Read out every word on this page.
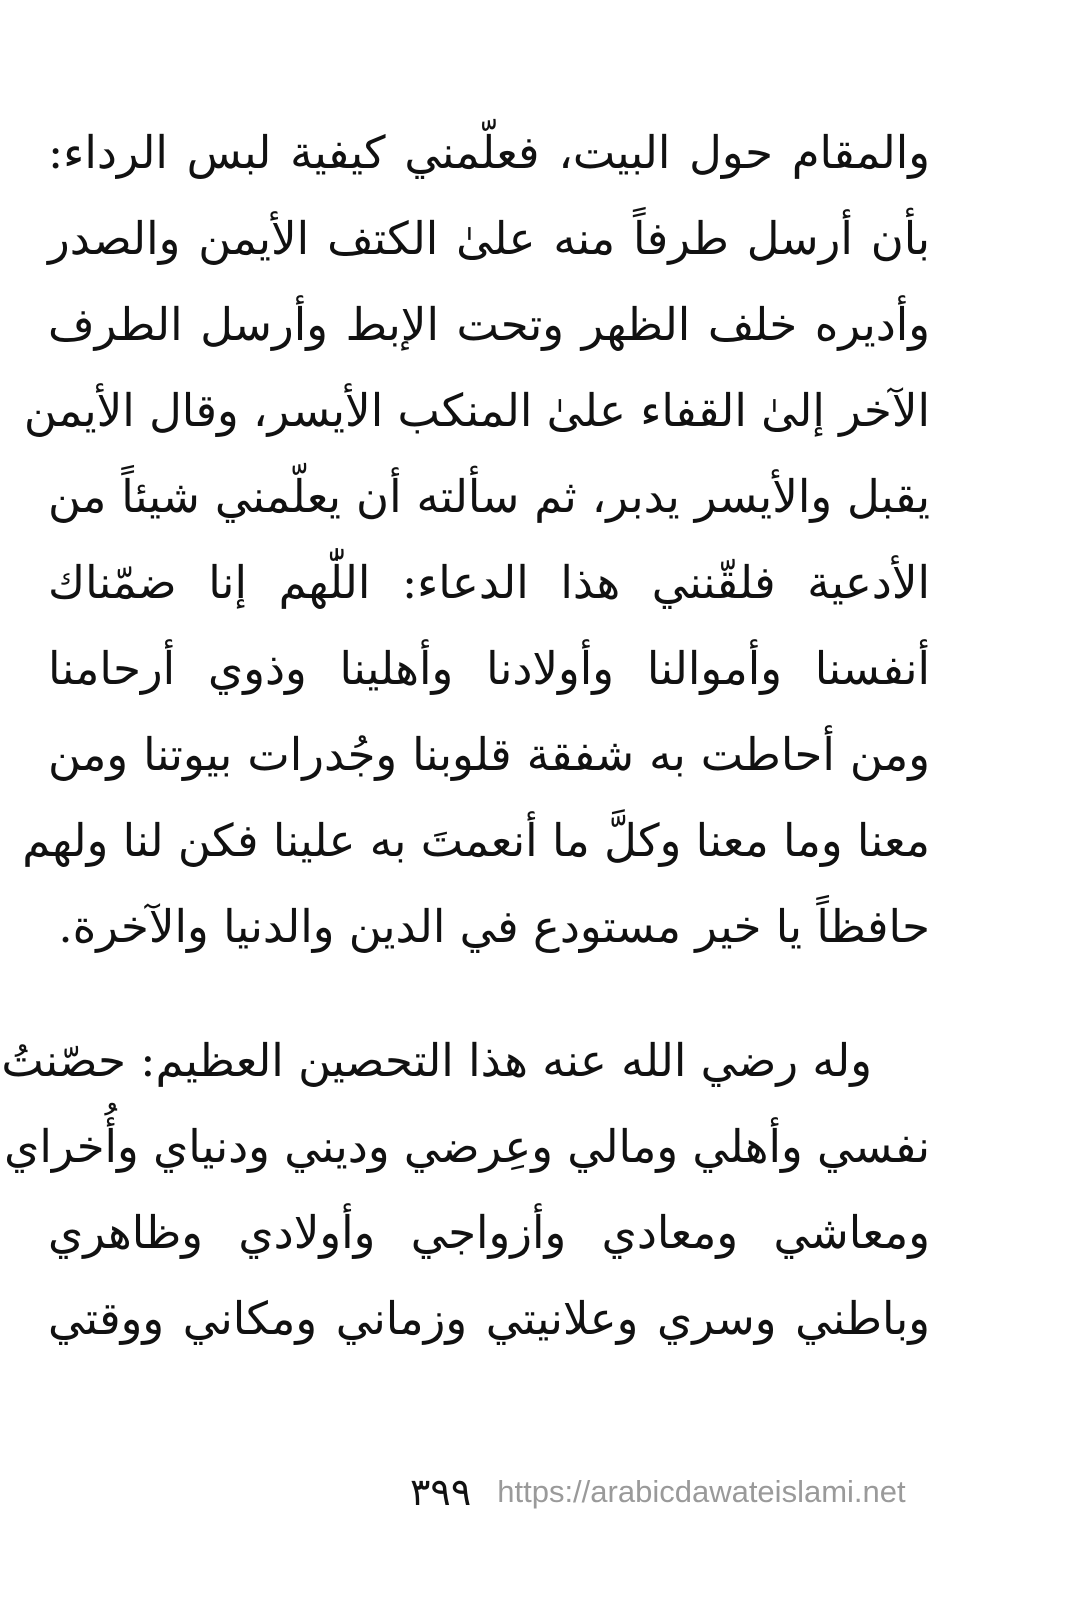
والمقام حول البيت، فعلّمني كيفية لبس الرداء:
بأن أرسل طرفاً منه علىٰ الكتف الأيمن والصدر
وأديره خلف الظهر وتحت الإبط وأرسل الطرف
الآخر إلىٰ القفاء علىٰ المنكب الأيسر، وقال الأيمن
يقبل والأيسر يدبر، ثم سألته أن يعلّمني شيئاً من
الأدعية فلقّنني هذا الدعاء: اللّٰهم إنا ضمّناك
أنفسنا وأموالنا وأولادنا وأهلينا وذوي أرحامنا
ومن أحاطت به شفقة قلوبنا وجُدرات بيوتنا ومن
معنا وما معنا وكلَّ ما أنعمتَ به علينا فكن لنا ولهم
حافظاً يا خير مستودع في الدين والدنيا والآخرة.
وله رضي الله عنه هذا التحصين العظيم: حصّنتُ
نفسي وأهلي ومالي وعِرضي وديني ودنياي وأُخراي
ومعاشي ومعادي وأزواجي وأولادي وظاهري
وباطني وسري وعلانيتي وزماني ومكاني ووقتي
٣٩٩ https://arabicdawateislami.net
